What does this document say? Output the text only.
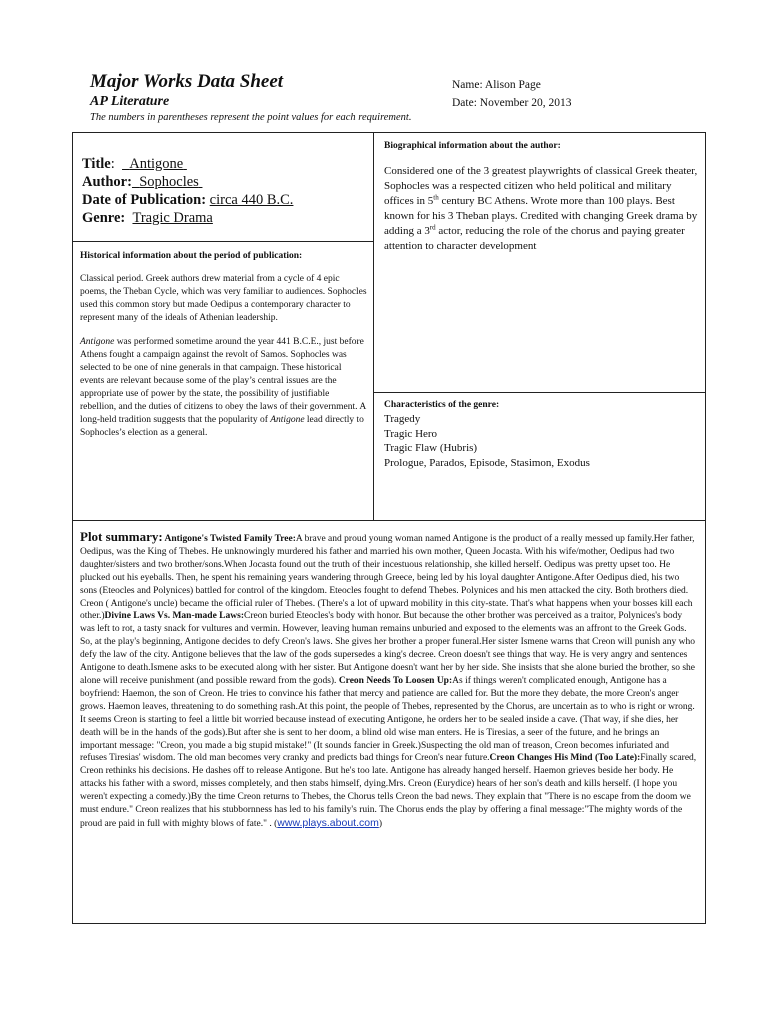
Major Works Data Sheet
AP Literature
The numbers in parentheses represent the point values for each requirement.
Name: Alison Page
Date: November 20, 2013
Title:    Antigone
Author: Sophocles
Date of Publication: circa 440 B.C.
Genre: Tragic Drama
Historical information about the period of publication:

Classical period. Greek authors drew material from a cycle of 4 epic poems, the Theban Cycle, which was very familiar to audiences. Sophocles used this common story but made Oedipus a contemporary character to represent many of the ideals of Athenian leadership.

Antigone was performed sometime around the year 441 B.C.E., just before Athens fought a campaign against the revolt of Samos. Sophocles was selected to be one of nine generals in that campaign. These historical events are relevant because some of the play’s central issues are the appropriate use of power by the state, the possibility of justifiable rebellion, and the duties of citizens to obey the laws of their government. A long-held tradition suggests that the popularity of Antigone lead directly to Sophocles’s election as a general.

Biographical information about the author:

Considered one of the 3 greatest playwrights of classical Greek theater, Sophocles was a respected citizen who held political and military offices in 5th century BC Athens. Wrote more than 100 plays. Best known for his 3 Theban plays. Credited with changing Greek drama by adding a 3rd actor, reducing the role of the chorus and paying greater attention to character development

Characteristics of the genre:
Tragedy
Tragic Hero
Tragic Flaw (Hubris)
Prologue, Parados, Episode, Stasimon, Exodus
Plot summary: Antigone's Twisted Family Tree:A brave and proud young woman named Antigone is the product of a really messed up family.Her father, Oedipus, was the King of Thebes. He unknowingly murdered his father and married his own mother, Queen Jocasta. With his wife/mother, Oedipus had two daughter/sisters and two brother/sons.When Jocasta found out the truth of their incestuous relationship, she killed herself. Oedipus was pretty upset too. He plucked out his eyeballs. Then, he spent his remaining years wandering through Greece, being led by his loyal daughter Antigone.After Oedipus died, his two sons (Eteocles and Polynices) battled for control of the kingdom. Eteocles fought to defend Thebes. Polynices and his men attacked the city. Both brothers died. Creon ( Antigone's uncle) became the official ruler of Thebes. (There's a lot of upward mobility in this city-state. That's what happens when your bosses kill each other.)Divine Laws Vs. Man-made Laws:Creon buried Eteocles's body with honor. But because the other brother was perceived as a traitor, Polynices's body was left to rot, a tasty snack for vultures and vermin. However, leaving human remains unburied and exposed to the elements was an affront to the Greek Gods. So, at the play's beginning, Antigone decides to defy Creon's laws. She gives her brother a proper funeral.Her sister Ismene warns that Creon will punish any who defy the law of the city. Antigone believes that the law of the gods supersedes a king's decree. Creon doesn't see things that way. He is very angry and sentences Antigone to death.Ismene asks to be executed along with her sister. But Antigone doesn't want her by her side. She insists that she alone buried the brother, so she alone will receive punishment (and possible reward from the gods). Creon Needs To Loosen Up:As if things weren't complicated enough, Antigone has a boyfriend: Haemon, the son of Creon. He tries to convince his father that mercy and patience are called for. But the more they debate, the more Creon's anger grows. Haemon leaves, threatening to do something rash.At this point, the people of Thebes, represented by the Chorus, are uncertain as to who is right or wrong. It seems Creon is starting to feel a little bit worried because instead of executing Antigone, he orders her to be sealed inside a cave. (That way, if she dies, her death will be in the hands of the gods).But after she is sent to her doom, a blind old wise man enters. He is Tiresias, a seer of the future, and he brings an important message: "Creon, you made a big stupid mistake!" (It sounds fancier in Greek.)Suspecting the old man of treason, Creon becomes infuriated and refuses Tiresias' wisdom. The old man becomes very cranky and predicts bad things for Creon's near future.Creon Changes His Mind (Too Late):Finally scared, Creon rethinks his decisions. He dashes off to release Antigone. But he's too late. Antigone has already hanged herself. Haemon grieves beside her body. He attacks his father with a sword, misses completely, and then stabs himself, dying.Mrs. Creon (Eurydice) hears of her son's death and kills herself. (I hope you weren't expecting a comedy.)By the time Creon returns to Thebes, the Chorus tells Creon the bad news. They explain that "There is no escape from the doom we must endure." Creon realizes that his stubbornness has led to his family's ruin. The Chorus ends the play by offering a final message:"The mighty words of the proud are paid in full with mighty blows of fate." . (www.plays.about.com)
